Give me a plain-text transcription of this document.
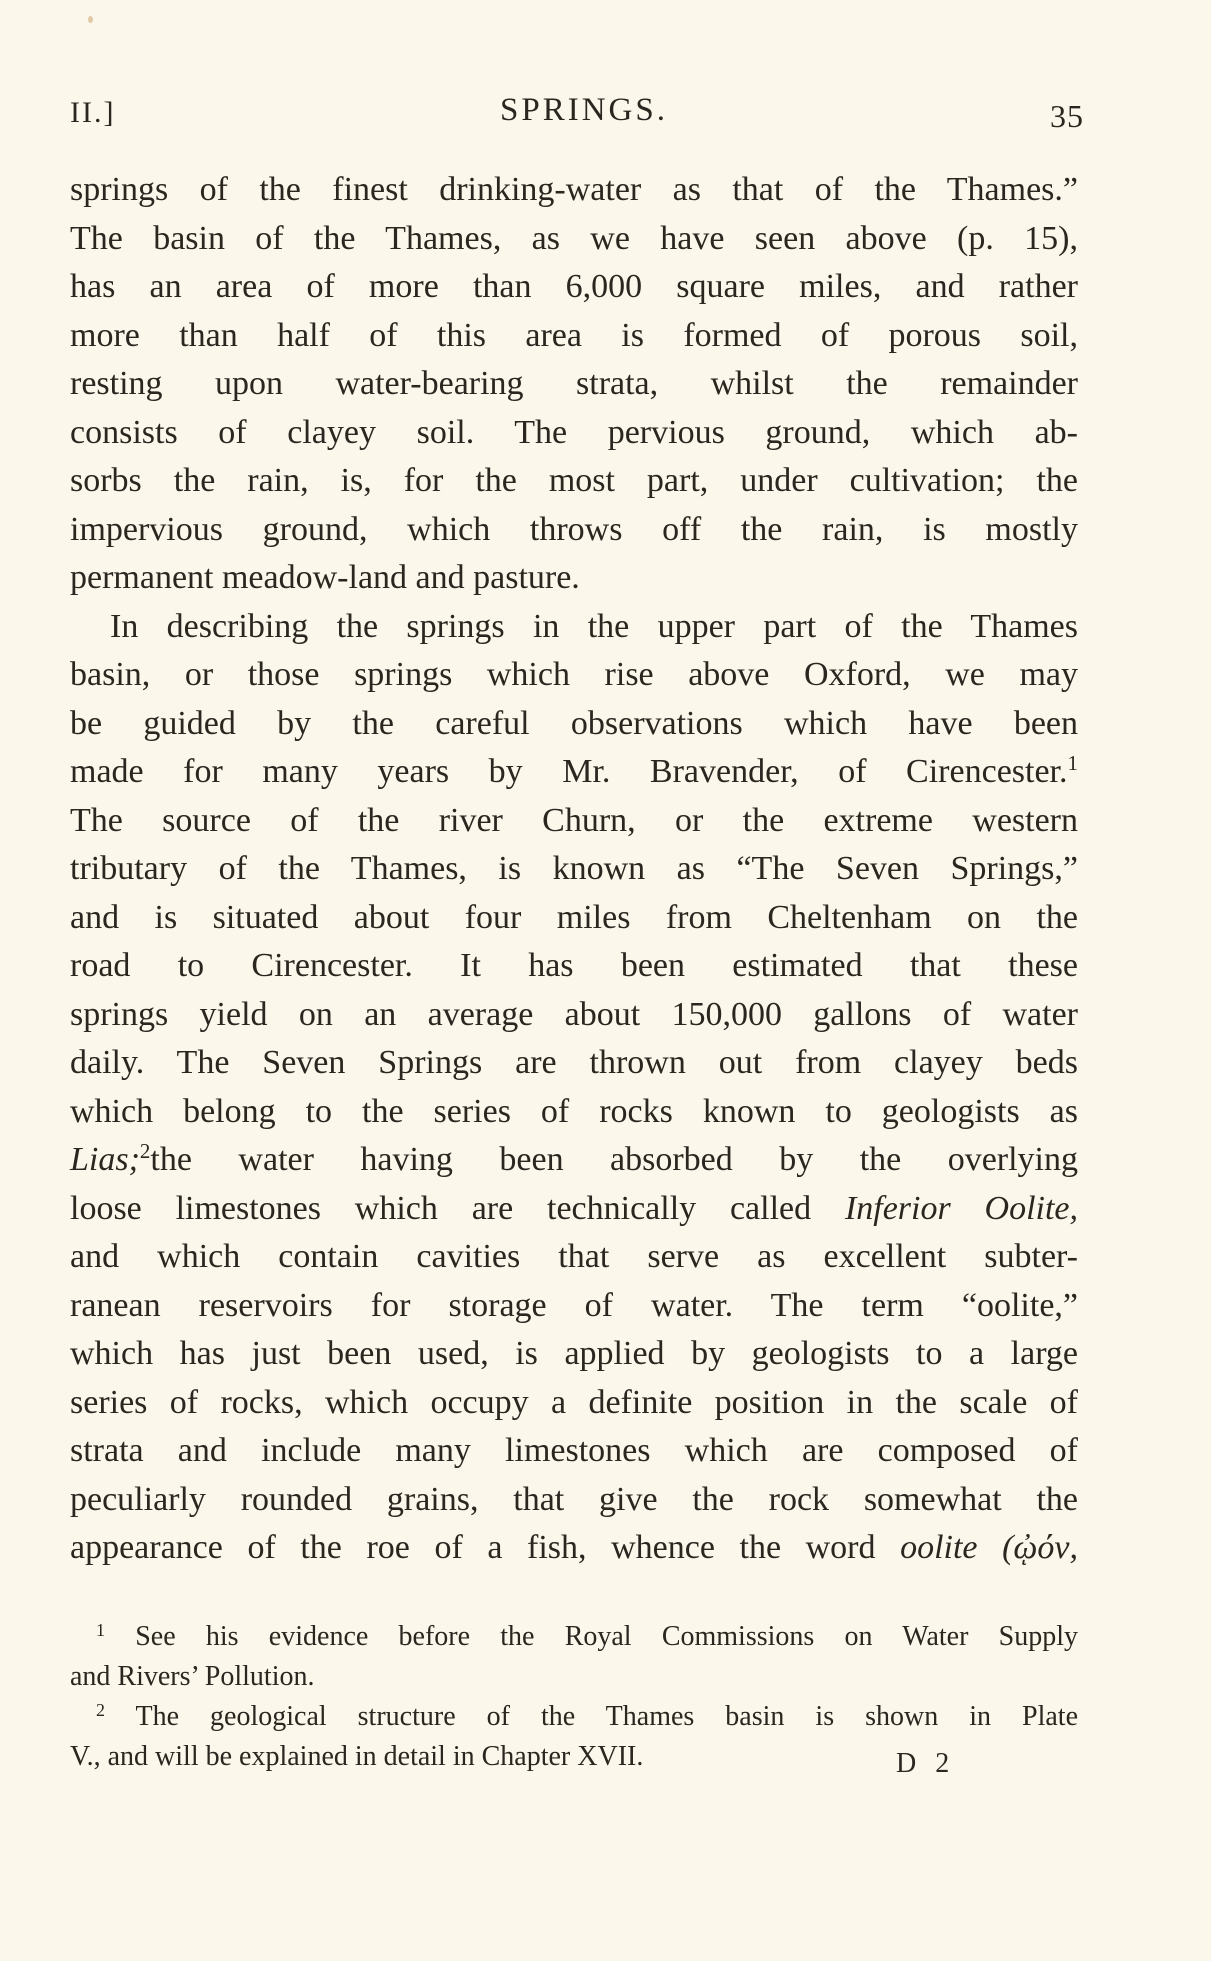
II.]	SPRINGS.	35
springs of the finest drinking-water as that of the Thames.”
The basin of the Thames, as we have seen above (p. 15),
has an area of more than 6,000 square miles, and rather
more than half of this area is formed of porous soil,
resting upon water-bearing strata, whilst the remainder
consists of clayey soil. The pervious ground, which ab-
sorbs the rain, is, for the most part, under cultivation; the
impervious ground, which throws off the rain, is mostly
permanent meadow-land and pasture.
In describing the springs in the upper part of the Thames
basin, or those springs which rise above Oxford, we may
be guided by the careful observations which have been
made for many years by Mr. Bravender, of Cirencester.$^1$
The source of the river Churn, or the extreme western
tributary of the Thames, is known as “The Seven Springs,”
and is situated about four miles from Cheltenham on the
road to Cirencester. It has been estimated that these
springs yield on an average about 150,000 gallons of water
daily. The Seven Springs are thrown out from clayey beds
which belong to the series of rocks known to geologists as
Lias;$^2$the water having been absorbed by the overlying
loose limestones which are technically called Inferior Oolite,
and which contain cavities that serve as excellent subter-
ranean reservoirs for storage of water. The term “oolite,”
which has just been used, is applied by geologists to a large
series of rocks, which occupy a definite position in the scale of
strata and include many limestones which are composed of
peculiarly rounded grains, that give the rock somewhat the
appearance of the roe of a fish, whence the word oolite (ᾠόν,
$^1$ See his evidence before the Royal Commissions on Water Supply
and Rivers’ Pollution.
$^2$ The geological structure of the Thames basin is shown in Plate
V., and will be explained in detail in Chapter XVII.	D 2
